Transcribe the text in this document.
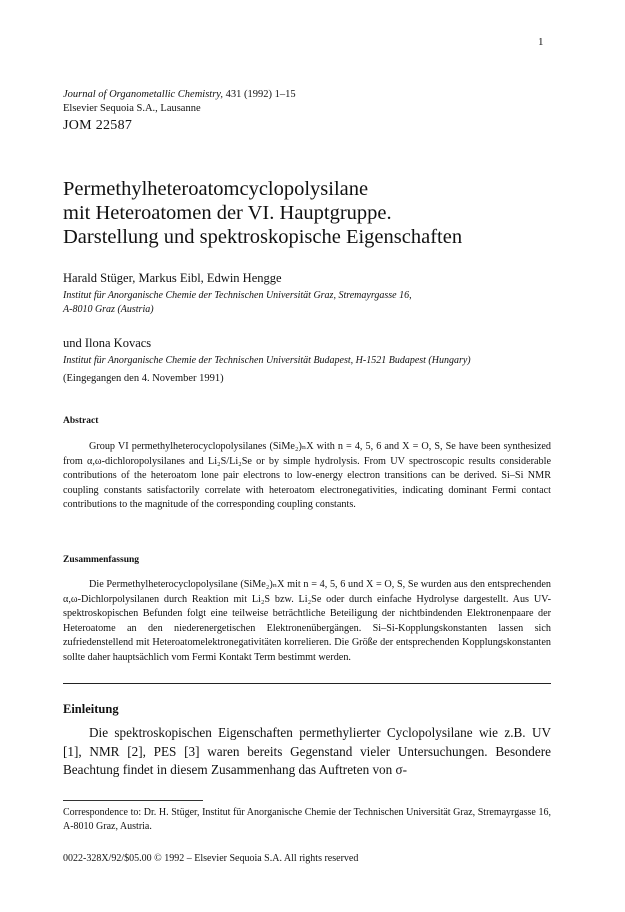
1
Journal of Organometallic Chemistry, 431 (1992) 1–15
Elsevier Sequoia S.A., Lausanne
JOM 22587
Permethylheteroatomcyclopolysilane
mit Heteroatomen der VI. Hauptgruppe.
Darstellung und spektroskopische Eigenschaften
Harald Stüger, Markus Eibl, Edwin Hengge
Institut für Anorganische Chemie der Technischen Universität Graz, Stremayrgasse 16,
A-8010 Graz (Austria)
und Ilona Kovacs
Institut für Anorganische Chemie der Technischen Universität Budapest, H-1521 Budapest (Hungary)
(Eingegangen den 4. November 1991)
Abstract

Group VI permethylheterocyclopolysilanes (SiMe₂)ₙX with n = 4, 5, 6 and X = O, S, Se have been synthesized from α,ω-dichloropolysilanes and Li₂S/Li₂Se or by simple hydrolysis. From UV spectroscopic results considerable contributions of the heteroatom lone pair electrons to low-energy electron transitions can be derived. Si–Si NMR coupling constants satisfactorily correlate with heteroatom electronegativities, indicating dominant Fermi contact contributions to the magnitude of the corresponding coupling constants.

Zusammenfassung

Die Permethylheterocyclopolysilane (SiMe₂)ₙX mit n = 4, 5, 6 und X = O, S, Se wurden aus den entsprechenden α,ω-Dichlorpolysilanen durch Reaktion mit Li₂S bzw. Li₂Se oder durch einfache Hydrolyse dargestellt. Aus UV-spektroskopischen Befunden folgt eine teilweise beträchtliche Beteiligung der nichtbindenden Elektronenpaare der Heteroatome an den niederenergetischen Elektronenübergängen. Si–Si-Kopplungskonstanten lassen sich zufriedenstellend mit Heteroatomelektronegativitäten korrelieren. Die Größe der entsprechenden Kopplungskonstanten sollte daher hauptsächlich vom Fermi Kontakt Term bestimmt werden.

Einleitung

Die spektroskopischen Eigenschaften permethylierter Cyclopolysilane wie z.B. UV [1], NMR [2], PES [3] waren bereits Gegenstand vieler Untersuchungen. Besondere Beachtung findet in diesem Zusammenhang das Auftreten von σ-

Correspondence to: Dr. H. Stüger, Institut für Anorganische Chemie der Technischen Universität Graz, Stremayrgasse 16, A-8010 Graz, Austria.
0022-328X/92/$05.00 © 1992 – Elsevier Sequoia S.A. All rights reserved
